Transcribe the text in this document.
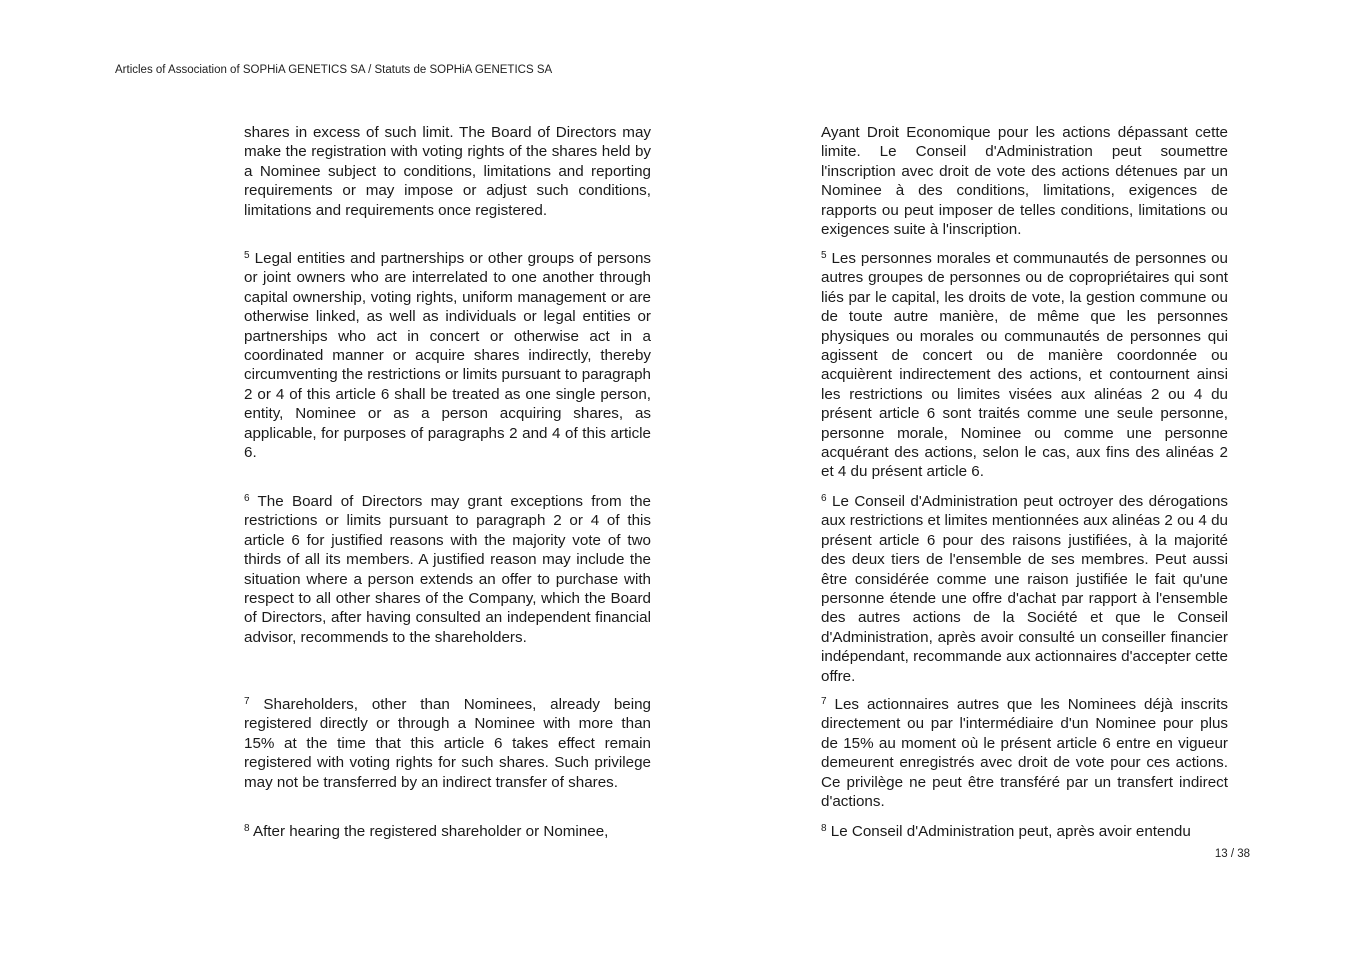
Articles of Association of SOPHiA GENETICS SA / Statuts de SOPHiA GENETICS SA

shares in excess of such limit. The Board of Directors may make the registration with voting rights of the shares held by a Nominee subject to conditions, limitations and reporting requirements or may impose or adjust such conditions, limitations and requirements once registered.

$^5$ Legal entities and partnerships or other groups of persons or joint owners who are interrelated to one another through capital ownership, voting rights, uniform management or are otherwise linked, as well as individuals or legal entities or partnerships who act in concert or otherwise act in a coordinated manner or acquire shares indirectly, thereby circumventing the restrictions or limits pursuant to paragraph 2 or 4 of this article 6 shall be treated as one single person, entity, Nominee or as a person acquiring shares, as applicable, for purposes of paragraphs 2 and 4 of this article 6.

$^6$ The Board of Directors may grant exceptions from the restrictions or limits pursuant to paragraph 2 or 4 of this article 6 for justified reasons with the majority vote of two thirds of all its members. A justified reason may include the situation where a person extends an offer to purchase with respect to all other shares of the Company, which the Board of Directors, after having consulted an independent financial advisor, recommends to the shareholders.

$^7$ Shareholders, other than Nominees, already being registered directly or through a Nominee with more than 15% at the time that this article 6 takes effect remain registered with voting rights for such shares. Such privilege may not be transferred by an indirect transfer of shares.

$^8$ After hearing the registered shareholder or Nominee,

Ayant Droit Economique pour les actions dépassant cette limite. Le Conseil d'Administration peut soumettre l'inscription avec droit de vote des actions détenues par un Nominee à des conditions, limitations, exigences de rapports ou peut imposer de telles conditions, limitations ou exigences suite à l'inscription.

$^5$ Les personnes morales et communautés de personnes ou autres groupes de personnes ou de copropriétaires qui sont liés par le capital, les droits de vote, la gestion commune ou de toute autre manière, de même que les personnes physiques ou morales ou communautés de personnes qui agissent de concert ou de manière coordonnée ou acquièrent indirectement des actions, et contournent ainsi les restrictions ou limites visées aux alinéas 2 ou 4 du présent article 6 sont traités comme une seule personne, personne morale, Nominee ou comme une personne acquérant des actions, selon le cas, aux fins des alinéas 2 et 4 du présent article 6.

$^6$ Le Conseil d'Administration peut octroyer des dérogations aux restrictions et limites mentionnées aux alinéas 2 ou 4 du présent article 6 pour des raisons justifiées, à la majorité des deux tiers de l'ensemble de ses membres. Peut aussi être considérée comme une raison justifiée le fait qu'une personne étende une offre d'achat par rapport à l'ensemble des autres actions de la Société et que le Conseil d'Administration, après avoir consulté un conseiller financier indépendant, recommande aux actionnaires d'accepter cette offre.

$^7$ Les actionnaires autres que les Nominees déjà inscrits directement ou par l'intermédiaire d'un Nominee pour plus de 15% au moment où le présent article 6 entre en vigueur demeurent enregistrés avec droit de vote pour ces actions. Ce privilège ne peut être transféré par un transfert indirect d'actions.

$^8$ Le Conseil d'Administration peut, après avoir entendu

13 / 38
